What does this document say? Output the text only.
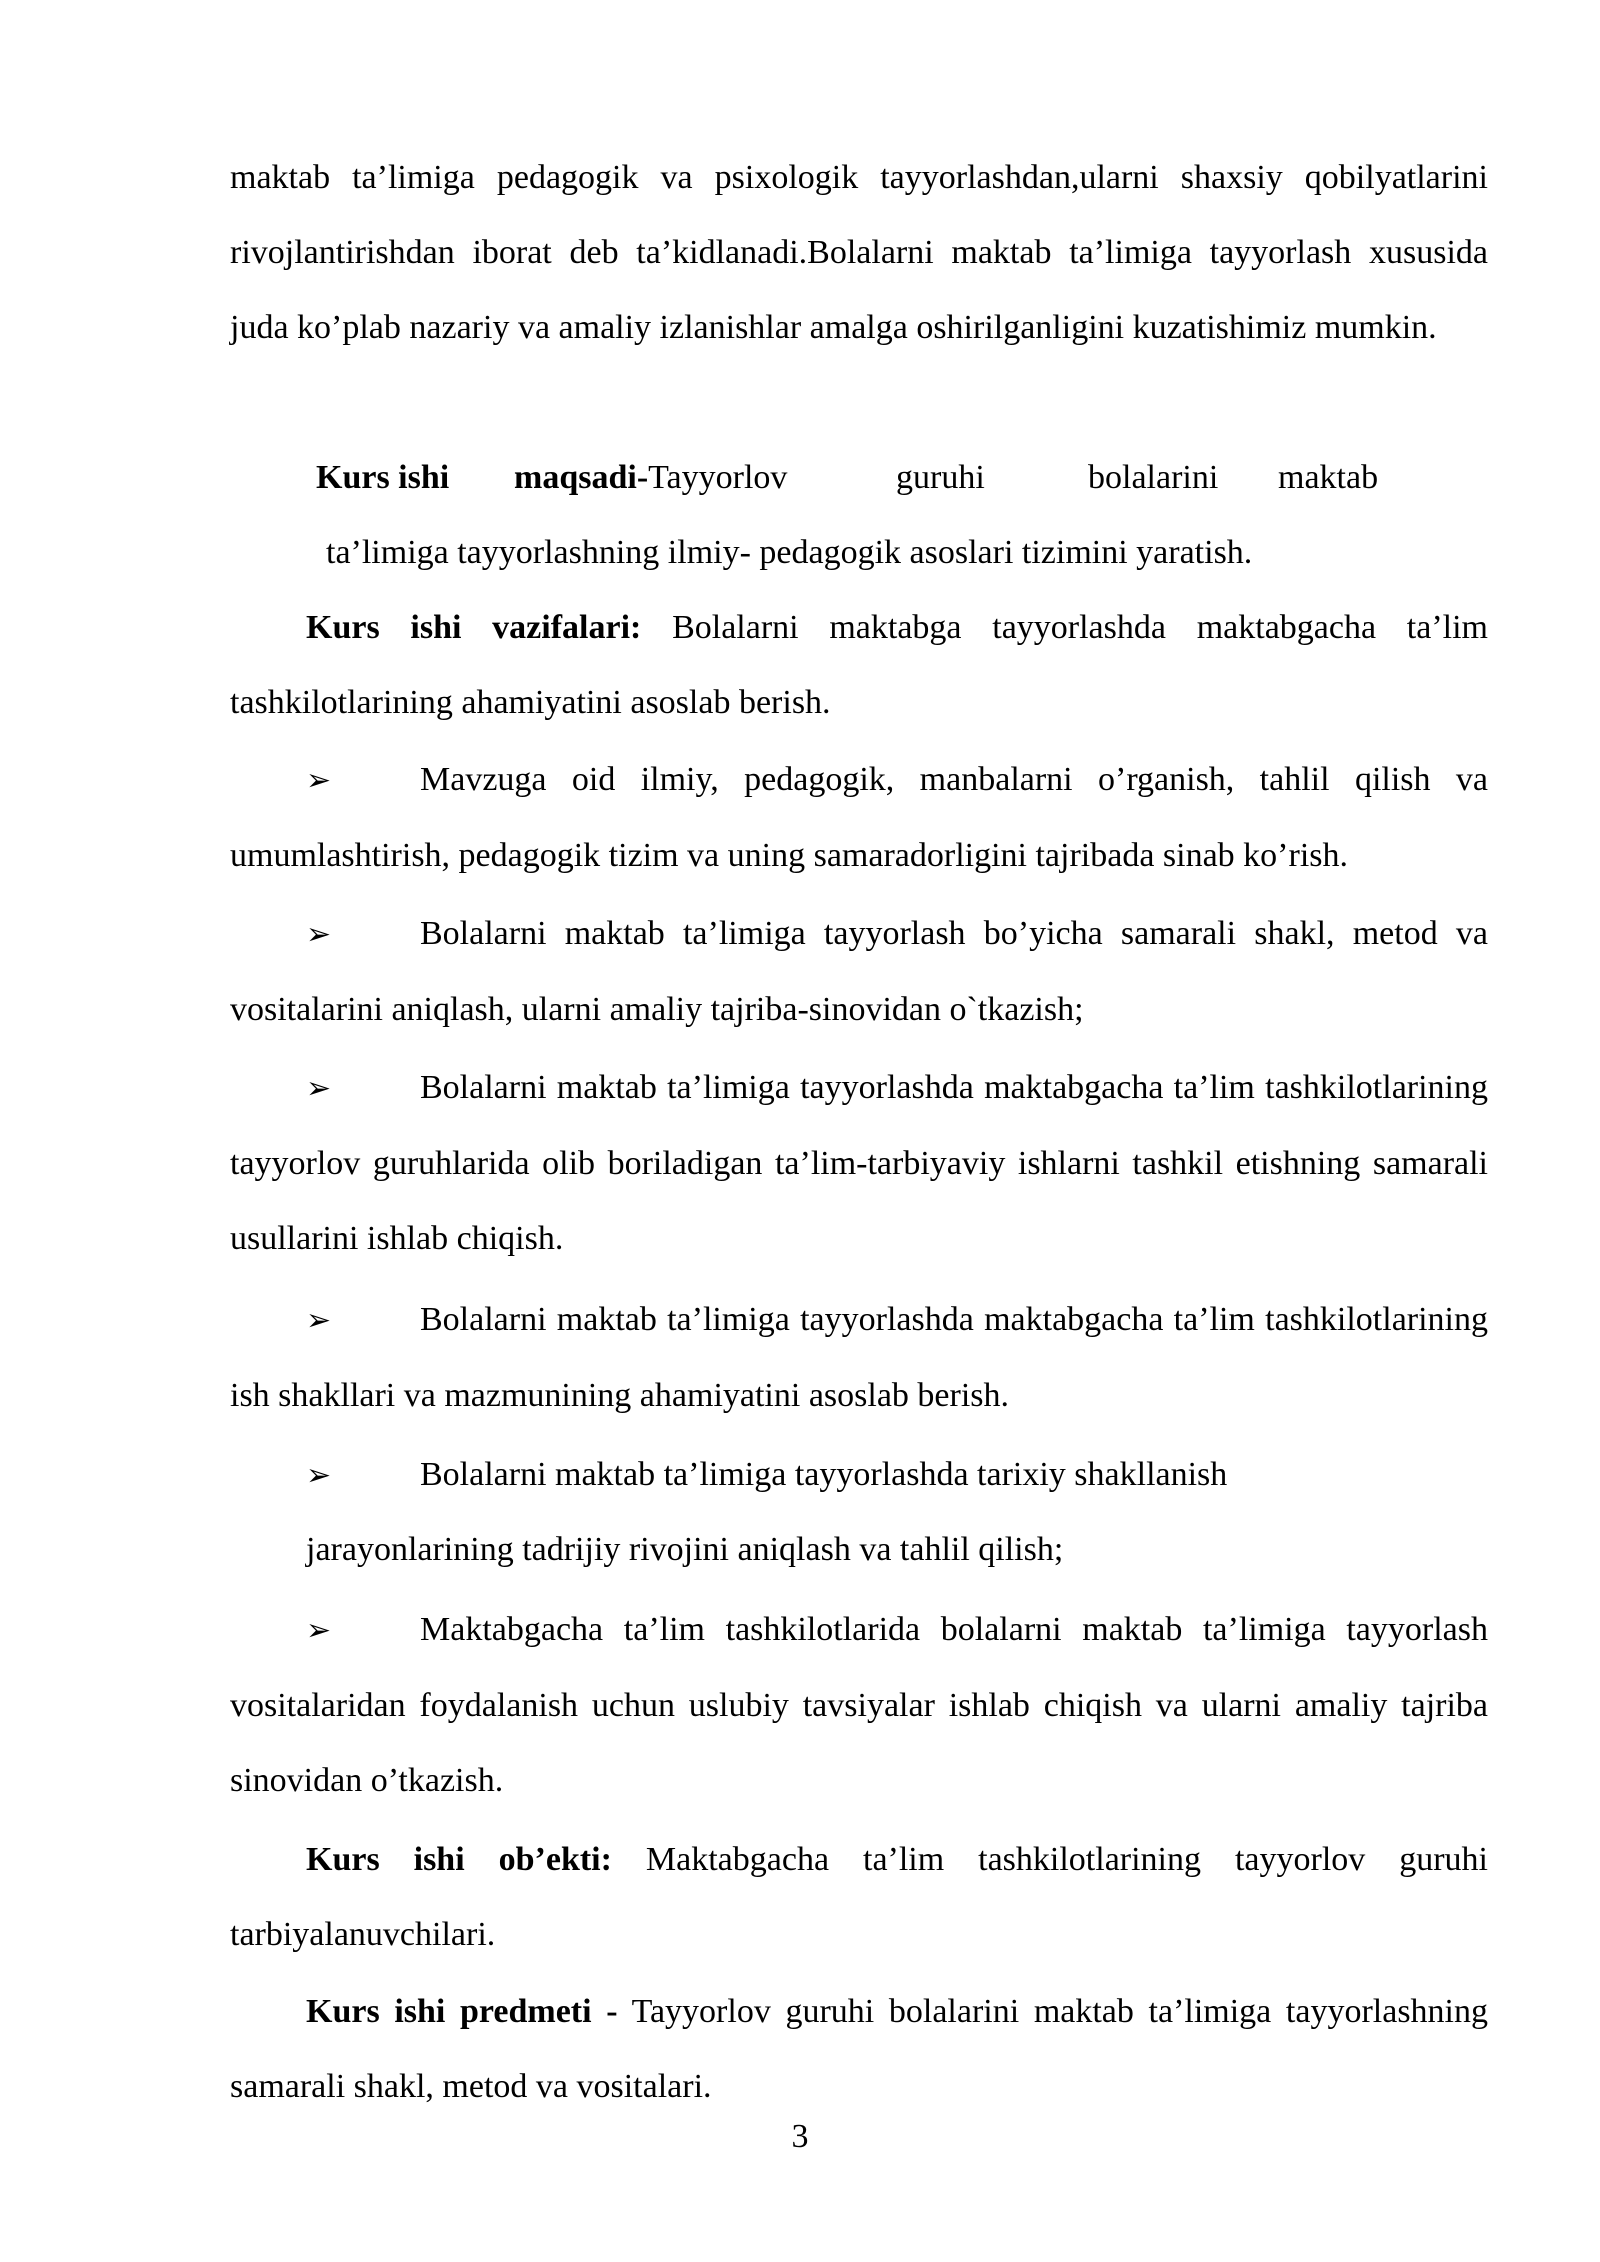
maktab ta’limiga pedagogik va psixologik tayyorlashdan,ularni shaxsiy qobilyatlarini rivojlantirishdan iborat deb ta’kidlanadi.Bolalarni maktab ta’limiga tayyorlash xususida juda ko’plab nazariy va amaliy izlanishlar amalga oshirilganligini kuzatishimiz mumkin.

Kurs ishi maqsadi-Tayyorlov	guruhi	bolalarini maktab
ta’limiga tayyorlashning ilmiy- pedagogik asoslari tizimini yaratish.

Kurs ishi vazifalari: Bolalarni maktabga tayyorlashda maktabgacha ta’lim tashkilotlarining ahamiyatini asoslab berish.

➢	Mavzuga oid ilmiy, pedagogik, manbalarni o’rganish, tahlil qilish va umumlashtirish, pedagogik tizim va uning samaradorligini tajribada sinab ko’rish.

➢	Bolalarni maktab ta’limiga tayyorlash bo’yicha samarali shakl, metod va vositalarini aniqlash, ularni amaliy tajriba-sinovidan o`tkazish;

➢	Bolalarni maktab ta’limiga tayyorlashda maktabgacha ta’lim tashkilotlarining tayyorlov guruhlarida olib boriladigan ta’lim-tarbiyaviy ishlarni tashkil etishning samarali usullarini ishlab chiqish.

➢	Bolalarni maktab ta’limiga tayyorlashda maktabgacha ta’lim tashkilotlarining ish shakllari va mazmunining ahamiyatini asoslab berish.

➢	Bolalarni maktab ta’limiga tayyorlashda tarixiy shakllanish

jarayonlarining tadrijiy rivojini aniqlash va tahlil qilish;

➢	Maktabgacha ta’lim tashkilotlarida bolalarni maktab ta’limiga tayyorlash vositalaridan foydalanish uchun uslubiy tavsiyalar ishlab chiqish va ularni amaliy tajriba sinovidan o’tkazish.

Kurs ishi ob’ekti: Maktabgacha ta’lim tashkilotlarining tayyorlov guruhi tarbiyalanuvchilari.

Kurs ishi predmeti - Tayyorlov guruhi bolalarini maktab ta’limiga tayyorlashning samarali shakl, metod va vositalari.

3
